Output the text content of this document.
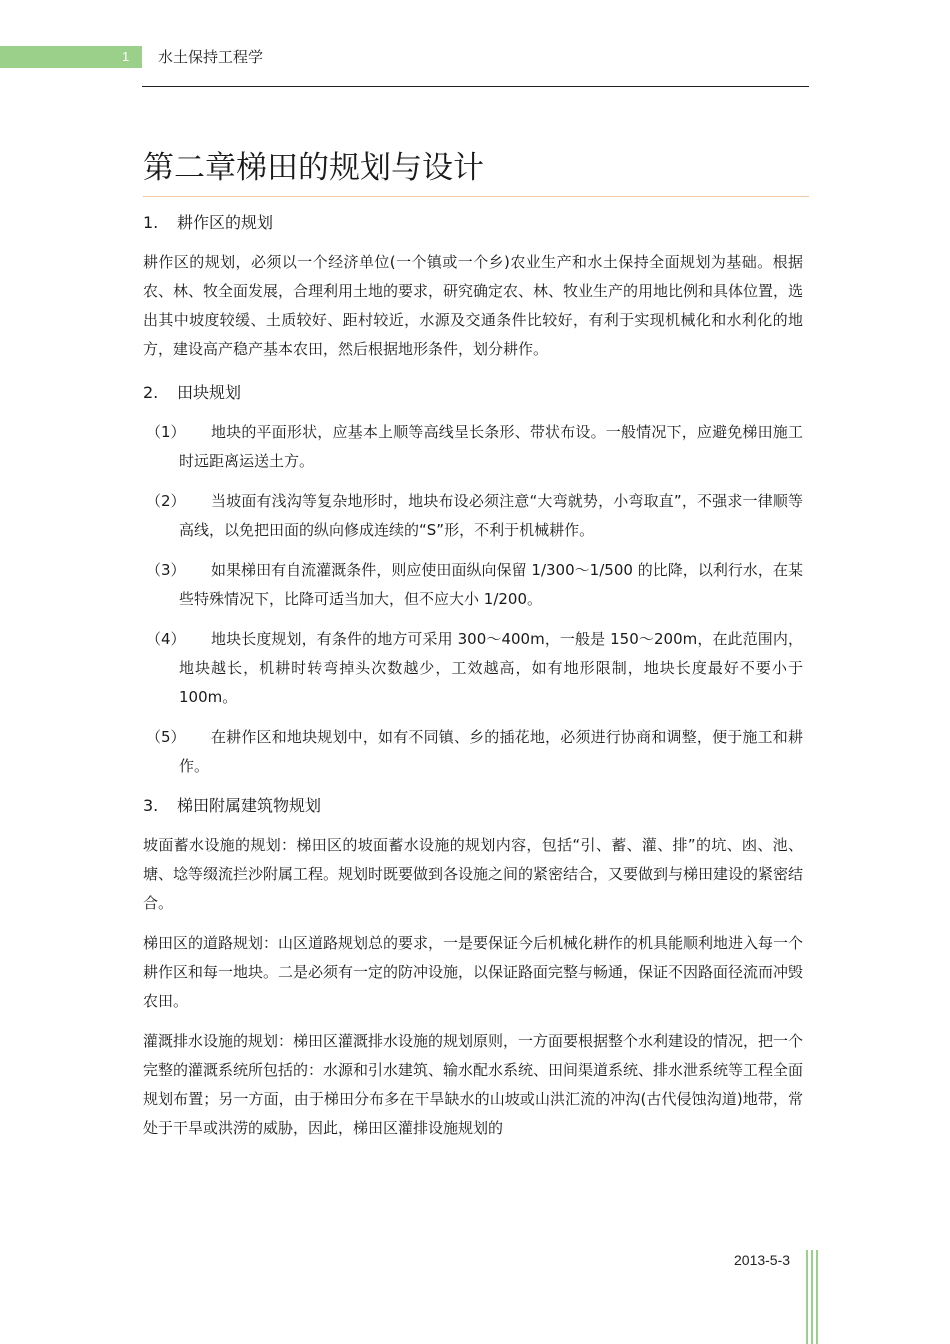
1 水土保持工程学
第二章梯田的规划与设计
1. 耕作区的规划

耕作区的规划，必须以一个经济单位(一个镇或一个乡)农业生产和水土保持全面规划为基础。根据农、林、牧全面发展，合理利用土地的要求，研究确定农、林、牧业生产的用地比例和具体位置，选出其中坡度较缓、土质较好、距村较近，水源及交通条件比较好，有利于实现机械化和水利化的地方，建设高产稳产基本农田，然后根据地形条件，划分耕作。

2. 田块规划
（1）	地块的平面形状，应基本上顺等高线呈长条形、带状布设。一般情况下，应避免梯田施工时远距离运送土方。
（2）	当坡面有浅沟等复杂地形时，地块布设必须注意“大弯就势，小弯取直”，不强求一律顺等高线，以免把田面的纵向修成连续的“S”形，不利于机械耕作。
（3）	如果梯田有自流灌溉条件，则应使田面纵向保留 1/300～1/500 的比降，以利行水，在某些特殊情况下，比降可适当加大，但不应大小 1/200。
（4）	地块长度规划，有条件的地方可采用 300～400m，一般是 150～200m，在此范围内，地块越长，机耕时转弯掉头次数越少，工效越高，如有地形限制，地块长度最好不要小于 100m。
（5）	在耕作区和地块规划中，如有不同镇、乡的插花地，必须进行协商和调整，便于施工和耕作。
3. 梯田附属建筑物规划

坡面蓄水设施的规划：梯田区的坡面蓄水设施的规划内容，包括“引、蓄、灌、排”的坑、凼、池、塘、埝等缀流拦沙附属工程。规划时既要做到各设施之间的紧密结合，又要做到与梯田建设的紧密结合。

梯田区的道路规划：山区道路规划总的要求，一是要保证今后机械化耕作的机具能顺利地进入每一个耕作区和每一地块。二是必须有一定的防冲设施，以保证路面完整与畅通，保证不因路面径流而冲毁农田。

灌溉排水设施的规划：梯田区灌溉排水设施的规划原则，一方面要根据整个水利建设的情况，把一个完整的灌溉系统所包括的：水源和引水建筑、输水配水系统、田间渠道系统、排水泄系统等工程全面规划布置；另一方面，由于梯田分布多在干旱缺水的山坡或山洪汇流的冲沟(古代侵蚀沟道)地带，常处于干旱或洪涝的威胁，因此，梯田区灌排设施规划的

2013-5-3
